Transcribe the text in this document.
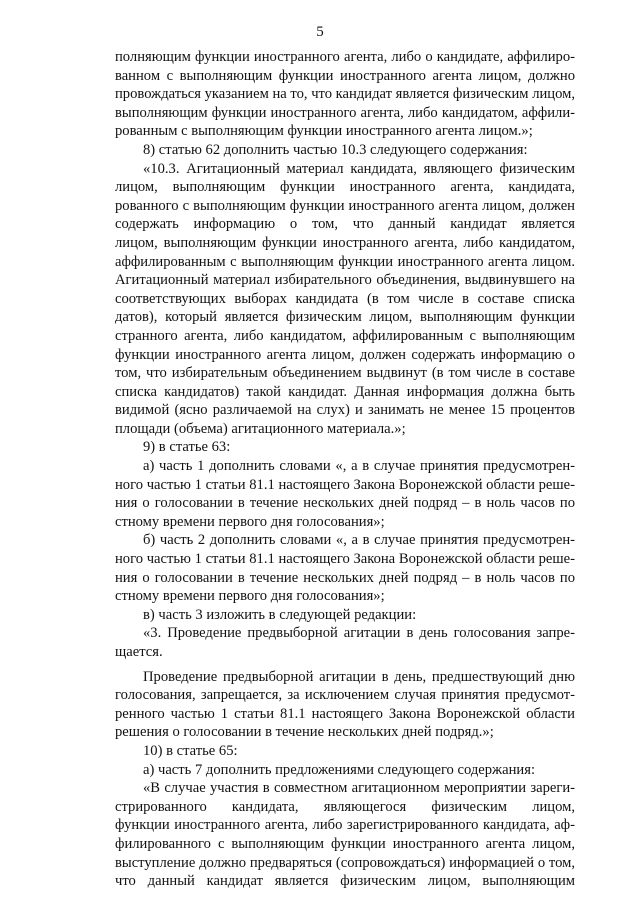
5
полняющим функции иностранного агента, либо о кандидате, аффилиро-
ванном с выполняющим функции иностранного агента лицом, должно
провождаться указанием на то, что кандидат является физическим лицом,
выполняющим функции иностранного агента, либо кандидатом, аффили-
рованным с выполняющим функции иностранного агента лицом.»;
8) статью 62 дополнить частью 10.3 следующего содержания:
«10.3. Агитационный материал кандидата, являющего физическим
лицом, выполняющим функции иностранного агента, кандидата,
рованного с выполняющим функции иностранного агента лицом, должен
содержать информацию о том, что данный кандидат является
лицом, выполняющим функции иностранного агента, либо кандидатом,
аффилированным с выполняющим функции иностранного агента лицом.
Агитационный материал избирательного объединения, выдвинувшего на
соответствующих выборах кандидата (в том числе в составе списка
датов), который является физическим лицом, выполняющим функции
странного агента, либо кандидатом, аффилированным с выполняющим
функции иностранного агента лицом, должен содержать информацию о
том, что избирательным объединением выдвинут (в том числе в составе
списка кандидатов) такой кандидат. Данная информация должна быть
видимой (ясно различаемой на слух) и занимать не менее 15 процентов
площади (объема) агитационного материала.»;
9) в статье 63:
а) часть 1 дополнить словами «, а в случае принятия предусмотрен-
ного частью 1 статьи 81.1 настоящего Закона Воронежской области реше-
ния о голосовании в течение нескольких дней подряд – в ноль часов по
стному времени первого дня голосования»;
б) часть 2 дополнить словами «, а в случае принятия предусмотрен-
ного частью 1 статьи 81.1 настоящего Закона Воронежской области реше-
ния о голосовании в течение нескольких дней подряд – в ноль часов по
стному времени первого дня голосования»;
в) часть 3 изложить в следующей редакции:
«3. Проведение предвыборной агитации в день голосования запре-
щается.
Проведение предвыборной агитации в день, предшествующий дню
голосования, запрещается, за исключением случая принятия предусмот-
ренного частью 1 статьи 81.1 настоящего Закона Воронежской области
решения о голосовании в течение нескольких дней подряд.»;
10) в статье 65:
а) часть 7 дополнить предложениями следующего содержания:
«В случае участия в совместном агитационном мероприятии зареги-
стрированного кандидата, являющегося физическим лицом,
функции иностранного агента, либо зарегистрированного кандидата, аф-
филированного с выполняющим функции иностранного агента лицом,
выступление должно предваряться (сопровождаться) информацией о том,
что данный кандидат является физическим лицом, выполняющим
